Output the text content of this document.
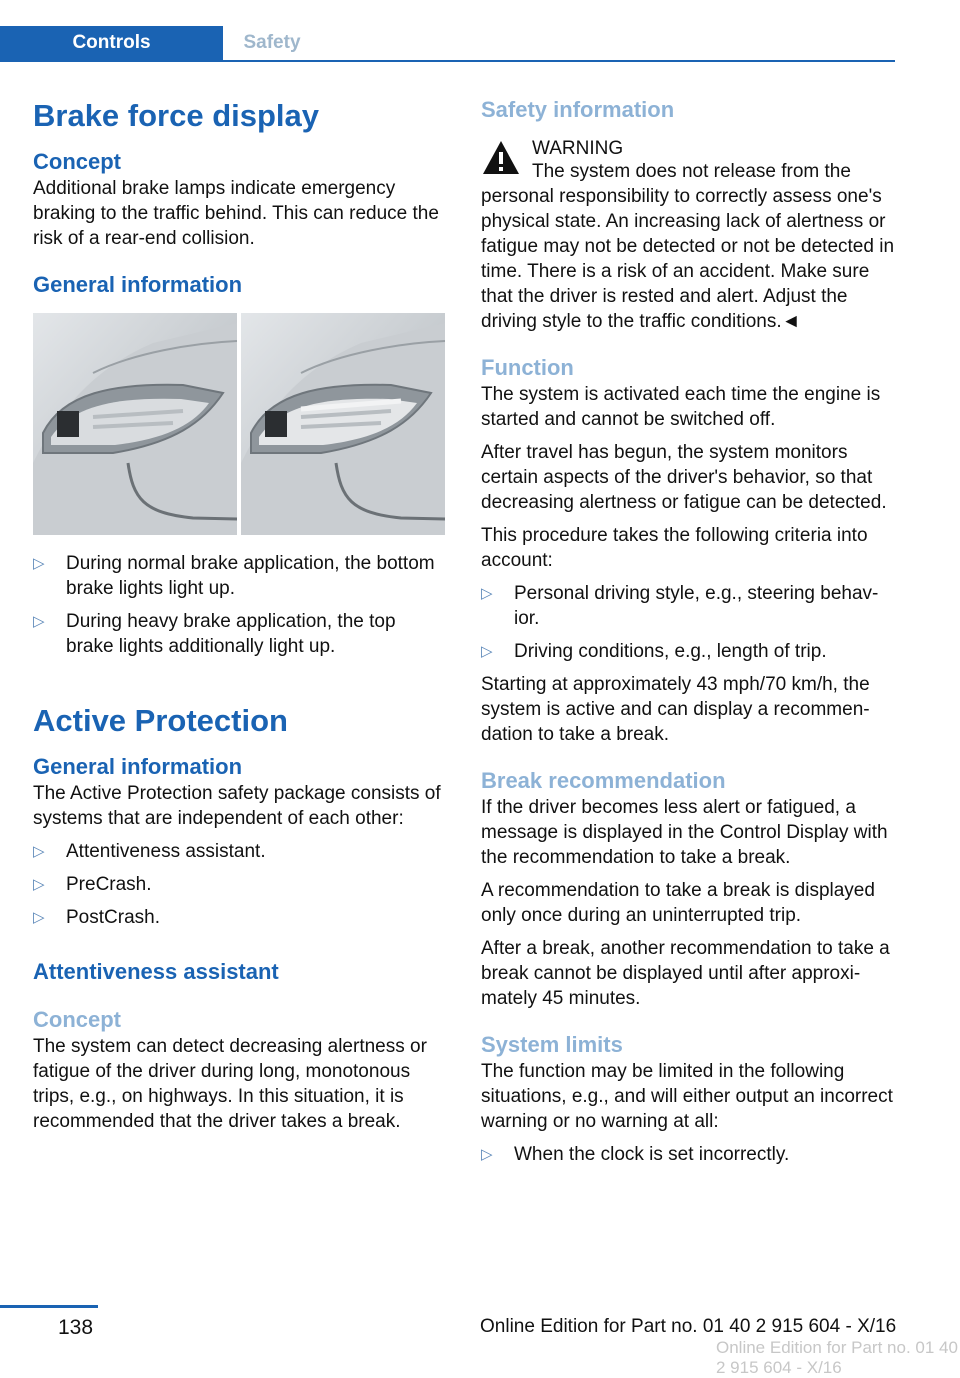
Controls	Safety
Brake force display
Concept

Additional brake lamps indicate emergency braking to the traffic behind. This can reduce the risk of a rear-end collision.

General information
▷ During normal brake application, the bottom brake lights light up.
▷ During heavy brake application, the top brake lights additionally light up.
Active Protection
General information

The Active Protection safety package consists of systems that are independent of each other:

▷ Attentiveness assistant.
▷ PreCrash.
▷ PostCrash.
Attentiveness assistant
Concept

The system can detect decreasing alertness or fatigue of the driver during long, monotonous trips, e.g., on highways. In this situation, it is recommended that the driver takes a break.

Safety information
WARNING

The system does not release from the personal responsibility to correctly assess one's physical state. An increasing lack of alertness or fatigue may not be detected or not be detected in time. There is a risk of an accident. Make sure that the driver is rested and alert. Adjust the driving style to the traffic conditions.◄

Function

The system is activated each time the engine is started and cannot be switched off.

After travel has begun, the system monitors certain aspects of the driver's behavior, so that decreasing alertness or fatigue can be detected.

This procedure takes the following criteria into account:

▷ Personal driving style, e.g., steering behavior.
▷ Driving conditions, e.g., length of trip.

Starting at approximately 43 mph/70 km/h, the system is active and can display a recommendation to take a break.

Break recommendation

If the driver becomes less alert or fatigued, a message is displayed in the Control Display with the recommendation to take a break.

A recommendation to take a break is displayed only once during an uninterrupted trip.

After a break, another recommendation to take a break cannot be displayed until after approximately 45 minutes.

System limits

The function may be limited in the following situations, e.g., and will either output an incorrect warning or no warning at all:

▷ When the clock is set incorrectly.
138	Online Edition for Part no. 01 40 2 915 604 - X/16
Online Edition for Part no. 01 40 2 915 604 - X/16
